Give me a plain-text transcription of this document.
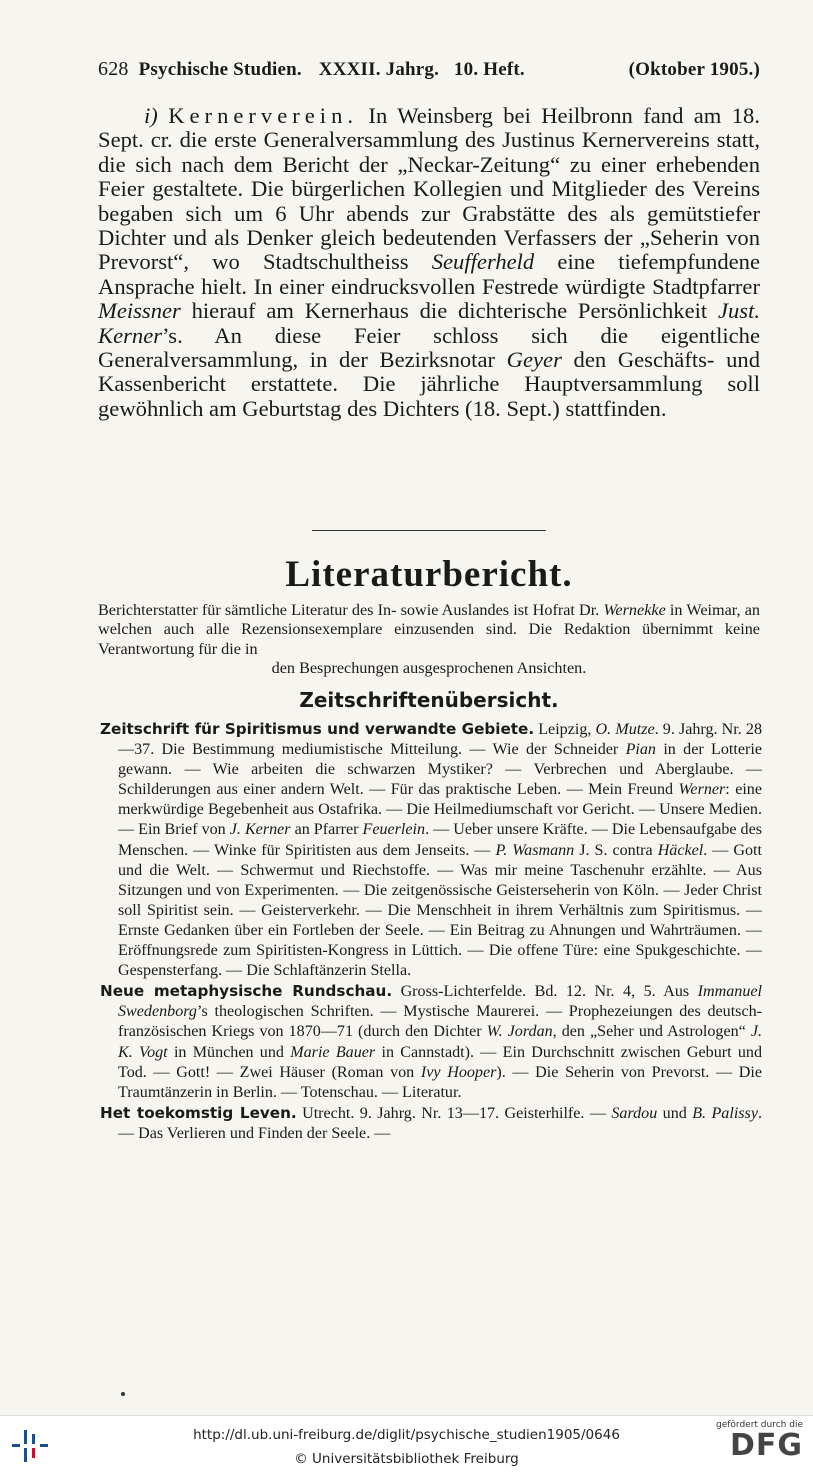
628 Psychische Studien. XXXII. Jahrg.   10. Heft.	(Oktober 1905.)

i) Kernerverein. In Weinsberg bei Heilbronn fand am 18. Sept. cr. die erste Generalversammlung des Justinus Kernervereins statt, die sich nach dem Bericht der „Neckar-Zeitung“ zu einer erhebenden Feier gestaltete. Die bürgerlichen Kollegien und Mitglieder des Vereins begaben sich um 6 Uhr abends zur Grabstätte des als gemütstiefer Dichter und als Denker gleich bedeutenden Verfassers der „Seherin von Prevorst“, wo Stadtschultheiss Seufferheld eine tiefempfundene Ansprache hielt. In einer eindrucksvollen Festrede würdigte Stadtpfarrer Meissner hierauf am Kernerhaus die dichterische Persönlichkeit Just. Kerner’s. An diese Feier schloss sich die eigentliche Generalversammlung, in der Bezirksnotar Geyer den Geschäfts- und Kassenbericht erstattete. Die jährliche Hauptversammlung soll gewöhnlich am Geburtstag des Dichters (18. Sept.) stattfinden.

Literaturbericht.
Berichterstatter für sämtliche Literatur des In- sowie Auslandes ist Hofrat Dr. Wernekke in Weimar, an welchen auch alle Rezensionsexemplare einzusenden sind. Die Redaktion übernimmt keine Verantwortung für die in
den Besprechungen ausgesprochenen Ansichten.
Zeitschriftenübersicht.

Zeitschrift für Spiritismus und verwandte Gebiete. Leipzig, O. Mutze. 9. Jahrg. Nr. 28—37. Die Bestimmung mediumistische Mitteilung. — Wie der Schneider Pian in der Lotterie gewann. — Wie arbeiten die schwarzen Mystiker? — Verbrechen und Aberglaube. — Schilderungen aus einer andern Welt. — Für das praktische Leben. — Mein Freund Werner: eine merkwürdige Begebenheit aus Ostafrika. — Die Heilmediumschaft vor Gericht. — Unsere Medien. — Ein Brief von J. Kerner an Pfarrer Feuerlein. — Ueber unsere Kräfte. — Die Lebensaufgabe des Menschen. — Winke für Spiritisten aus dem Jenseits. — P. Wasmann J. S. contra Häckel. — Gott und die Welt. — Schwermut und Riechstoffe. — Was mir meine Taschenuhr erzählte. — Aus Sitzungen und von Experimenten. — Die zeitgenössische Geisterseherin von Köln. — Jeder Christ soll Spiritist sein. — Geisterverkehr. — Die Menschheit in ihrem Verhältnis zum Spiritismus. — Ernste Gedanken über ein Fortleben der Seele. — Ein Beitrag zu Ahnungen und Wahrträumen. — Eröffnungsrede zum Spiritisten-Kongress in Lüttich. — Die offene Türe: eine Spukgeschichte. — Gespensterfang. — Die Schlaftänzerin Stella.

Neue metaphysische Rundschau. Gross-Lichterfelde. Bd. 12. Nr. 4, 5. Aus Immanuel Swedenborg’s theologischen Schriften. — Mystische Maurerei. — Prophezeiungen des deutsch-französischen Kriegs von 1870—71 (durch den Dichter W. Jordan, den „Seher und Astrologen“ J. K. Vogt in München und Marie Bauer in Cannstadt). — Ein Durchschnitt zwischen Geburt und Tod. — Gott! — Zwei Häuser (Roman von Ivy Hooper). — Die Seherin von Prevorst. — Die Traumtänzerin in Berlin. — Totenschau. — Literatur.

Het toekomstig Leven. Utrecht. 9. Jahrg. Nr. 13—17. Geisterhilfe. — Sardou und B. Palissy. — Das Verlieren und Finden der Seele. —

http://dl.ub.uni-freiburg.de/diglit/psychische_studien1905/0646
© Universitätsbibliothek Freiburg
gefördert durch die
DFG
